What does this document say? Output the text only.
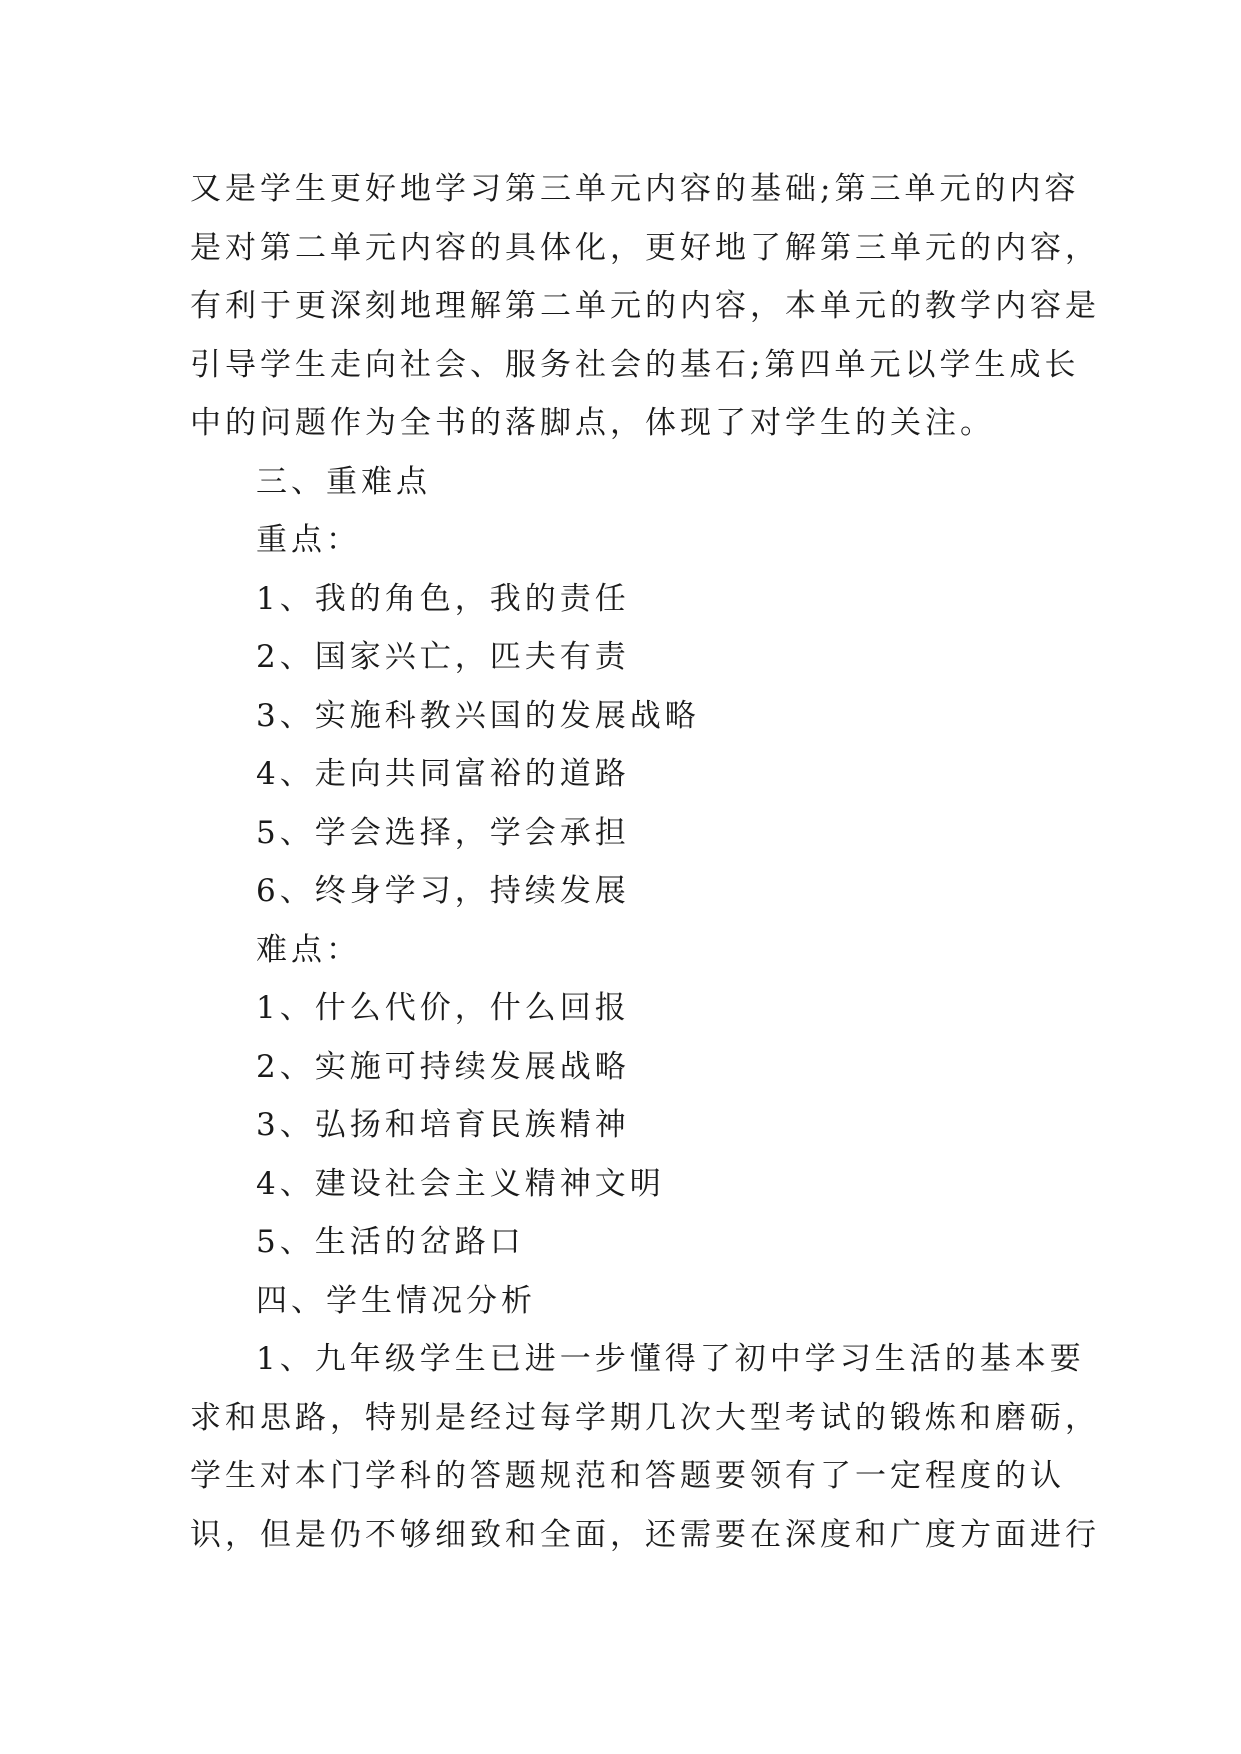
又是学生更好地学习第三单元内容的基础;第三单元的内容
是对第二单元内容的具体化，更好地了解第三单元的内容，
有利于更深刻地理解第二单元的内容，本单元的教学内容是
引导学生走向社会、服务社会的基石;第四单元以学生成长
中的问题作为全书的落脚点，体现了对学生的关注。
三、重难点
重点：
1、我的角色，我的责任
2、国家兴亡，匹夫有责
3、实施科教兴国的发展战略
4、走向共同富裕的道路
5、学会选择，学会承担
6、终身学习，持续发展
难点：
1、什么代价，什么回报
2、实施可持续发展战略
3、弘扬和培育民族精神
4、建设社会主义精神文明
5、生活的岔路口
四、学生情况分析
1、九年级学生已进一步懂得了初中学习生活的基本要
求和思路，特别是经过每学期几次大型考试的锻炼和磨砺，
学生对本门学科的答题规范和答题要领有了一定程度的认
识，但是仍不够细致和全面，还需要在深度和广度方面进行
